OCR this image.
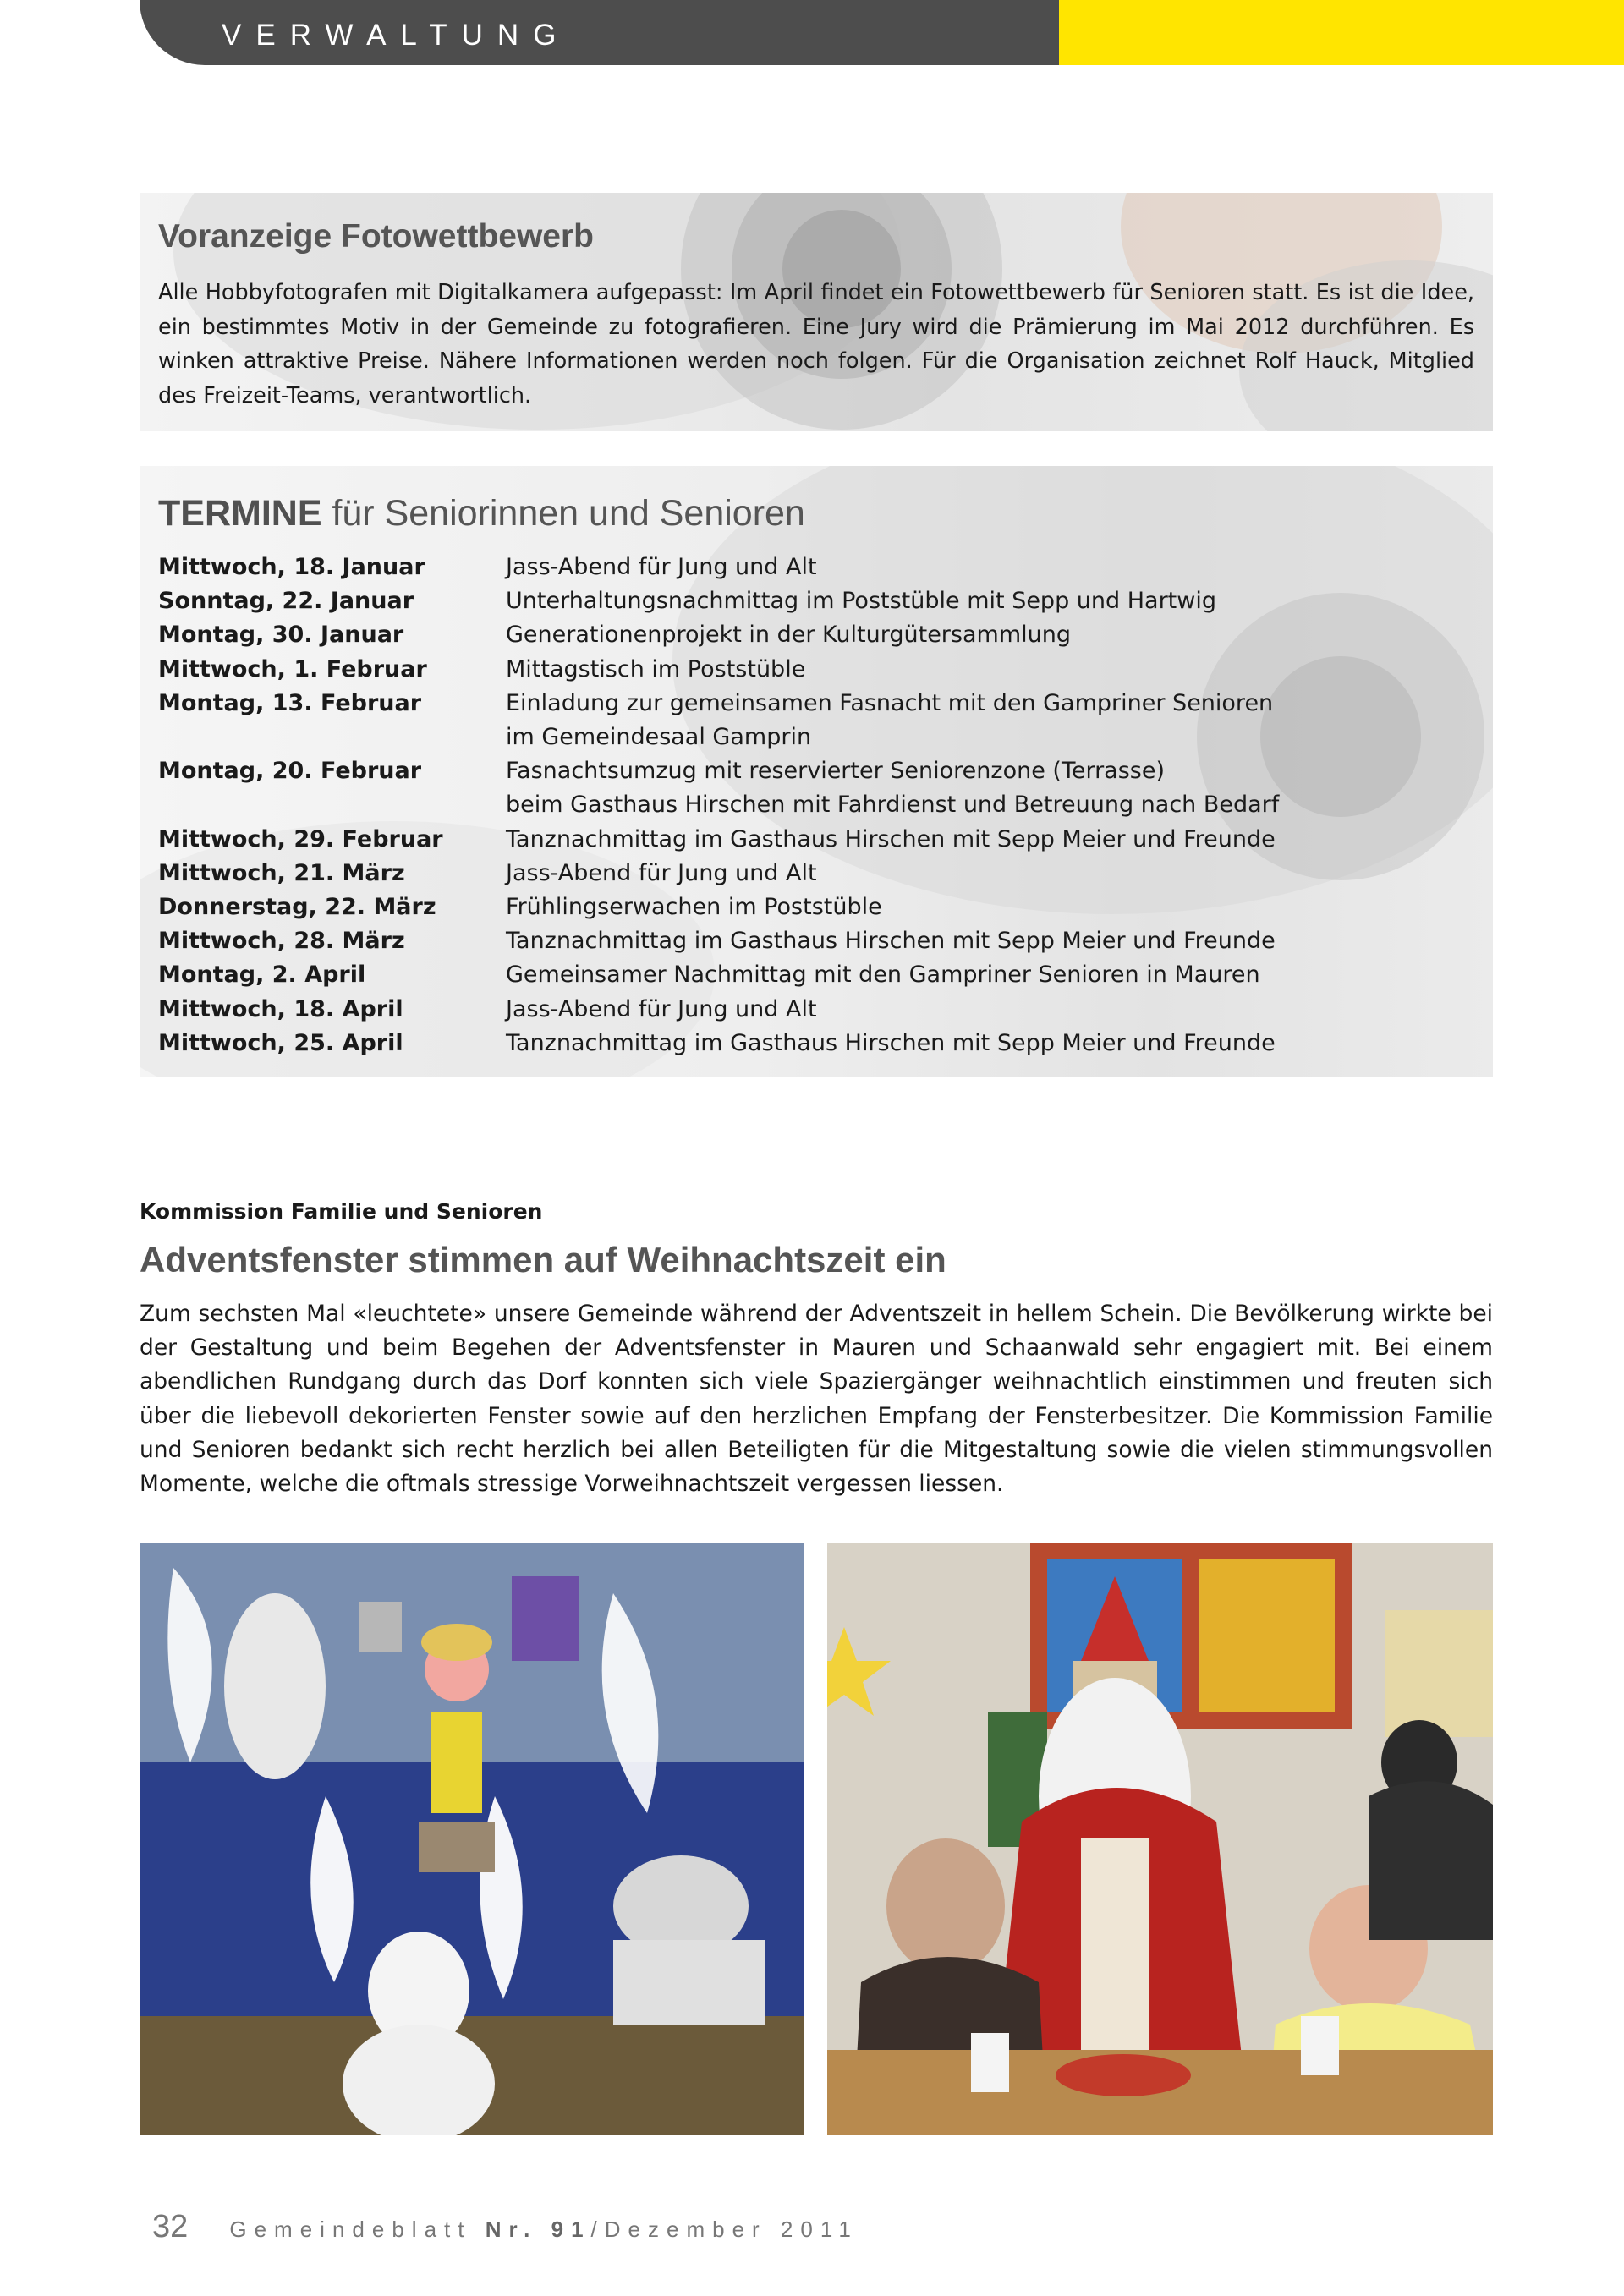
VERWALTUNG
Voranzeige Fotowettbewerb

Alle Hobbyfotografen mit Digitalkamera aufgepasst: Im April findet ein Fotowettbewerb für Senioren statt. Es ist die Idee, ein bestimmtes Motiv in der Gemeinde zu fotografieren. Eine Jury wird die Prämierung im Mai 2012 durchführen. Es winken attraktive Preise. Nähere Informationen werden noch folgen. Für die Organisation zeichnet Rolf Hauck, Mitglied des Freizeit-Teams, verantwortlich.

TERMINE für Seniorinnen und Senioren
Mittwoch, 18. Januar	Jass-Abend für Jung und Alt
Sonntag, 22. Januar	Unterhaltungsnachmittag im Poststüble mit Sepp und Hartwig
Montag, 30. Januar	Generationenprojekt in der Kulturgütersammlung
Mittwoch, 1. Februar	Mittagstisch im Poststüble
Montag, 13. Februar	Einladung zur gemeinsamen Fasnacht mit den Gampriner Senioren
im Gemeindesaal Gamprin
Montag, 20. Februar	Fasnachtsumzug mit reservierter Seniorenzone (Terrasse)
beim Gasthaus Hirschen mit Fahrdienst und Betreuung nach Bedarf
Mittwoch, 29. Februar	Tanznachmittag im Gasthaus Hirschen mit Sepp Meier und Freunde
Mittwoch, 21. März	Jass-Abend für Jung und Alt
Donnerstag, 22. März	Frühlingserwachen im Poststüble
Mittwoch, 28. März	Tanznachmittag im Gasthaus Hirschen mit Sepp Meier und Freunde
Montag, 2. April	Gemeinsamer Nachmittag mit den Gampriner Senioren in Mauren
Mittwoch, 18. April	Jass-Abend für Jung und Alt
Mittwoch, 25. April	Tanznachmittag im Gasthaus Hirschen mit Sepp Meier und Freunde

Kommission Familie und Senioren

Adventsfenster stimmen auf Weihnachtszeit ein

Zum sechsten Mal «leuchtete» unsere Gemeinde während der Adventszeit in hellem Schein. Die Bevölkerung wirkte bei der Gestaltung und beim Begehen der Adventsfenster in Mauren und Schaanwald sehr engagiert mit. Bei einem abendlichen Rundgang durch das Dorf konnten sich viele Spaziergänger weihnachtlich einstimmen und freuten sich über die liebevoll dekorierten Fenster sowie auf den herzlichen Empfang der Fensterbesitzer. Die Kommission Familie und Senioren bedankt sich recht herzlich bei allen Beteiligten für die Mitgestaltung sowie die vielen stimmungsvollen Momente, welche die oftmals stressige Vorweihnachtszeit vergessen liessen.

32 Gemeindeblatt Nr. 91/Dezember 2011
